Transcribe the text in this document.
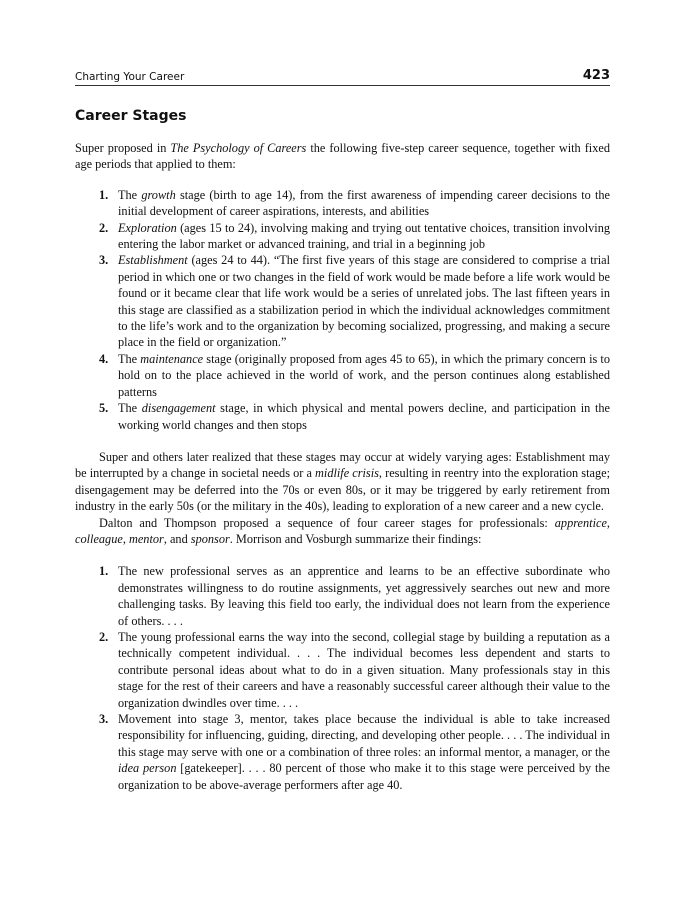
Charting Your Career	423
Career Stages

Super proposed in The Psychology of Careers the following five-step career sequence, together with fixed age periods that applied to them:

1. The growth stage (birth to age 14), from the first awareness of impending career decisions to the initial development of career aspirations, interests, and abilities
2. Exploration (ages 15 to 24), involving making and trying out tentative choices, transition involving entering the labor market or advanced training, and trial in a beginning job
3. Establishment (ages 24 to 44). “The first five years of this stage are considered to comprise a trial period in which one or two changes in the field of work would be made before a life work would be found or it became clear that life work would be a series of unrelated jobs. The last fifteen years in this stage are classified as a stabilization period in which the individual acknowledges commitment to the life’s work and to the organization by becoming socialized, progressing, and making a secure place in the field or organization.”
4. The maintenance stage (originally proposed from ages 45 to 65), in which the primary concern is to hold on to the place achieved in the world of work, and the person continues along established patterns
5. The disengagement stage, in which physical and mental powers decline, and participation in the working world changes and then stops

Super and others later realized that these stages may occur at widely varying ages: Establishment may be interrupted by a change in societal needs or a midlife crisis, resulting in reentry into the exploration stage; disengagement may be deferred into the 70s or even 80s, or it may be triggered by early retirement from industry in the early 50s (or the military in the 40s), leading to exploration of a new career and a new cycle.

Dalton and Thompson proposed a sequence of four career stages for professionals: apprentice, colleague, mentor, and sponsor. Morrison and Vosburgh summarize their findings:

1. The new professional serves as an apprentice and learns to be an effective subordinate who demonstrates willingness to do routine assignments, yet aggressively searches out new and more challenging tasks. By leaving this field too early, the individual does not learn from the experience of others. . . .
2. The young professional earns the way into the second, collegial stage by building a reputation as a technically competent individual. . . . The individual becomes less dependent and starts to contribute personal ideas about what to do in a given situation. Many professionals stay in this stage for the rest of their careers and have a reasonably successful career although their value to the organization dwindles over time. . . .
3. Movement into stage 3, mentor, takes place because the individual is able to take increased responsibility for influencing, guiding, directing, and developing other people. . . . The individual in this stage may serve with one or a combination of three roles: an informal mentor, a manager, or the idea person [gatekeeper]. . . . 80 percent of those who make it to this stage were perceived by the organization to be above-average performers after age 40.
